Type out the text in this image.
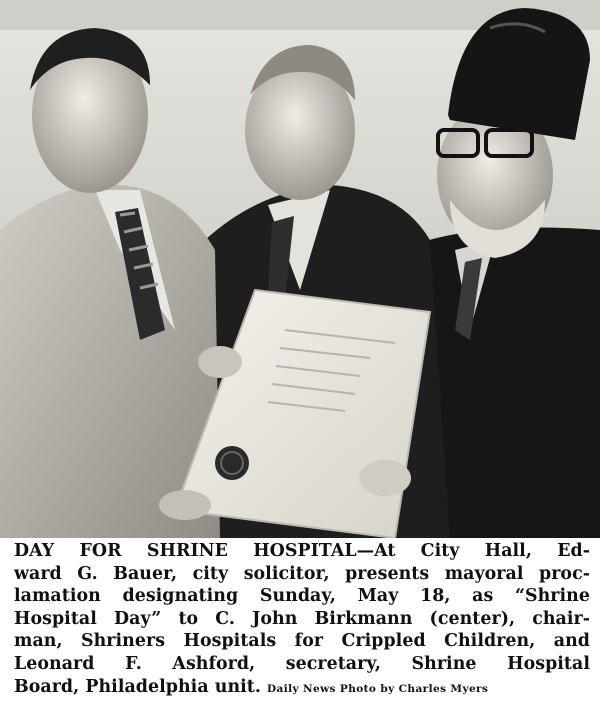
DAY FOR SHRINE HOSPITAL—At City Hall, Ed-
ward G. Bauer, city solicitor, presents mayoral proc-
lamation designating Sunday, May 18, as “Shrine
Hospital Day” to C. John Birkmann (center), chair-
man, Shriners Hospitals for Crippled Children, and
Leonard F. Ashford, secretary, Shrine Hospital
Board, Philadelphia unit. Daily News Photo by Charles Myers
